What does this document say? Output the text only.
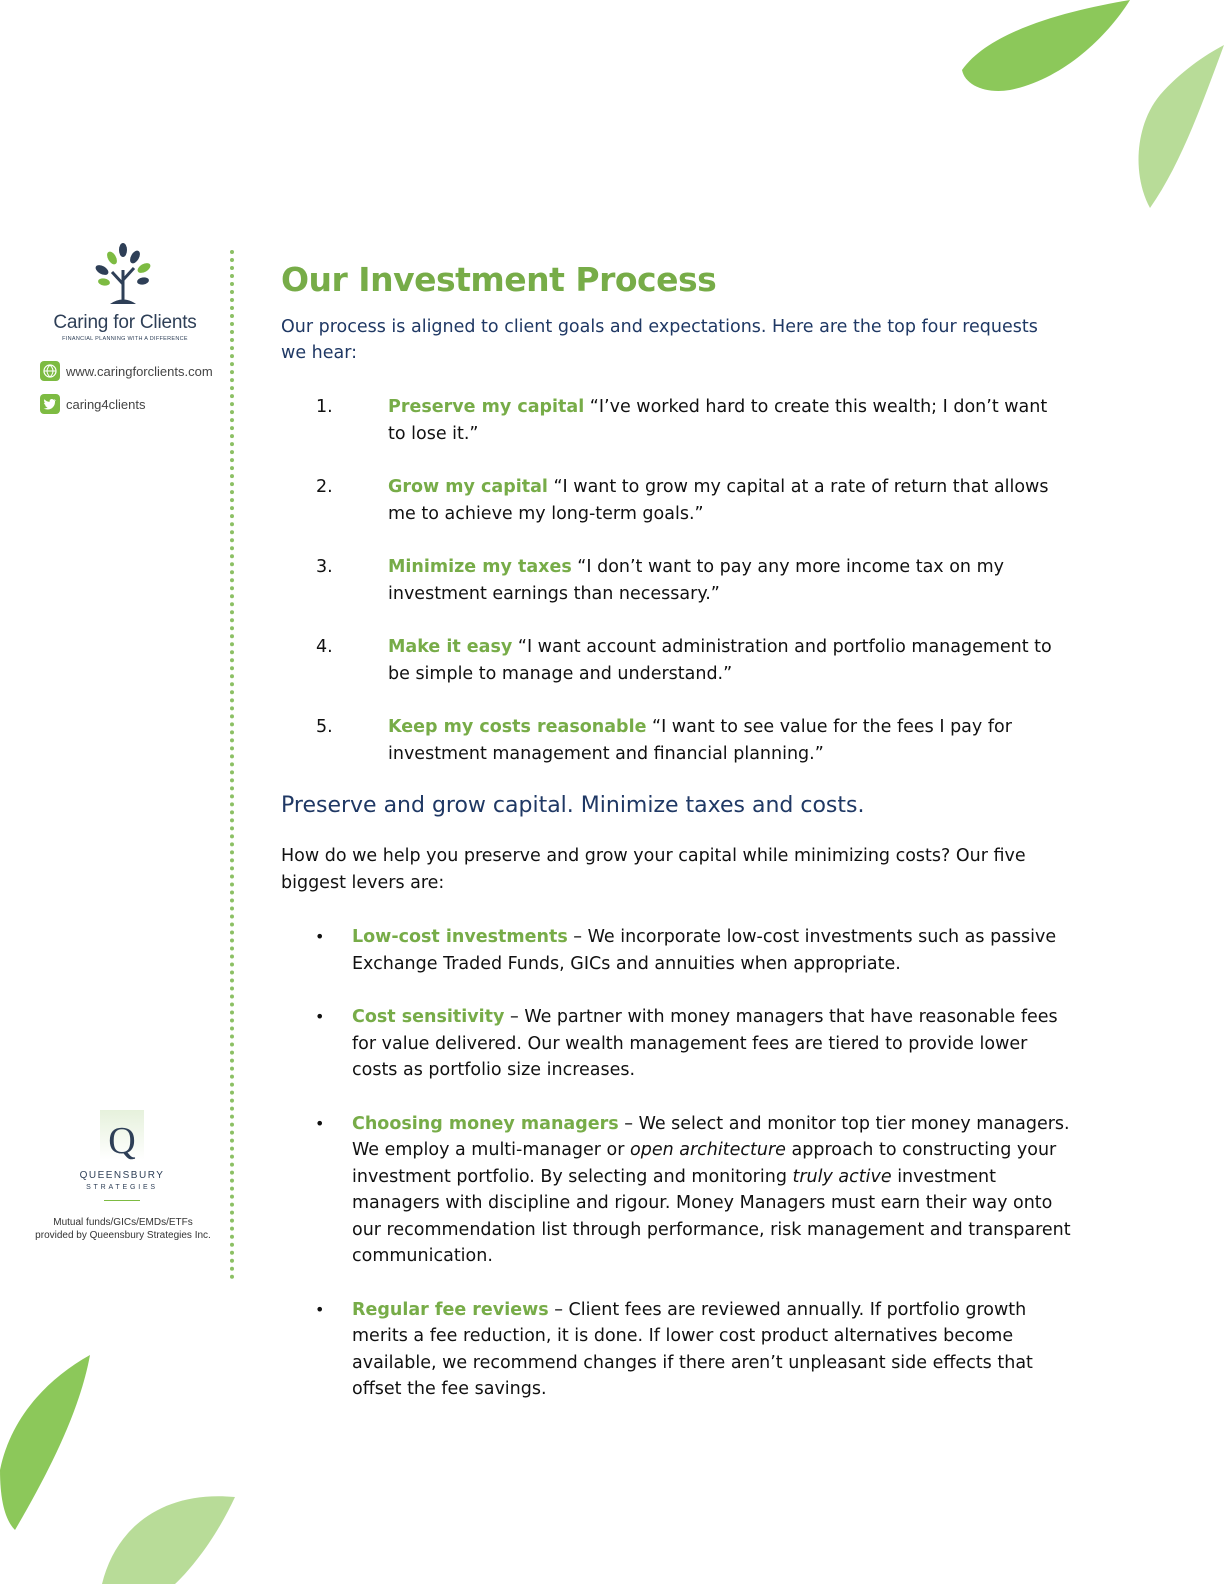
Caring for Clients
FINANCIAL PLANNING WITH A DIFFERENCE
www.caringforclients.com
caring4clients
Q
QUEENSBURY
STRATEGIES
Mutual funds/GICs/EMDs/ETFs
provided by Queensbury Strategies Inc.
Our Investment Process

Our process is aligned to client goals and expectations. Here are the top four requests we hear:

1.	Preserve my capital “I’ve worked hard to create this wealth; I don’t want to lose it.”
2.	Grow my capital “I want to grow my capital at a rate of return that allows me to achieve my long-term goals.”
3.	Minimize my taxes “I don’t want to pay any more income tax on my investment earnings than necessary.”
4.	Make it easy “I want account administration and portfolio management to be simple to manage and understand.”
5.	Keep my costs reasonable “I want to see value for the fees I pay for investment management and financial planning.”
Preserve and grow capital. Minimize taxes and costs.

How do we help you preserve and grow your capital while minimizing costs? Our five biggest levers are:

•	Low-cost investments – We incorporate low-cost investments such as passive Exchange Traded Funds, GICs and annuities when appropriate.
•	Cost sensitivity – We partner with money managers that have reasonable fees for value delivered. Our wealth management fees are tiered to provide lower costs as portfolio size increases.
•	Choosing money managers – We select and monitor top tier money managers. We employ a multi-manager or open architecture approach to constructing your investment portfolio. By selecting and monitoring truly active investment managers with discipline and rigour. Money Managers must earn their way onto our recommendation list through performance, risk management and transparent communication.
•	Regular fee reviews – Client fees are reviewed annually. If portfolio growth merits a fee reduction, it is done. If lower cost product alternatives become available, we recommend changes if there aren’t unpleasant side effects that offset the fee savings.
